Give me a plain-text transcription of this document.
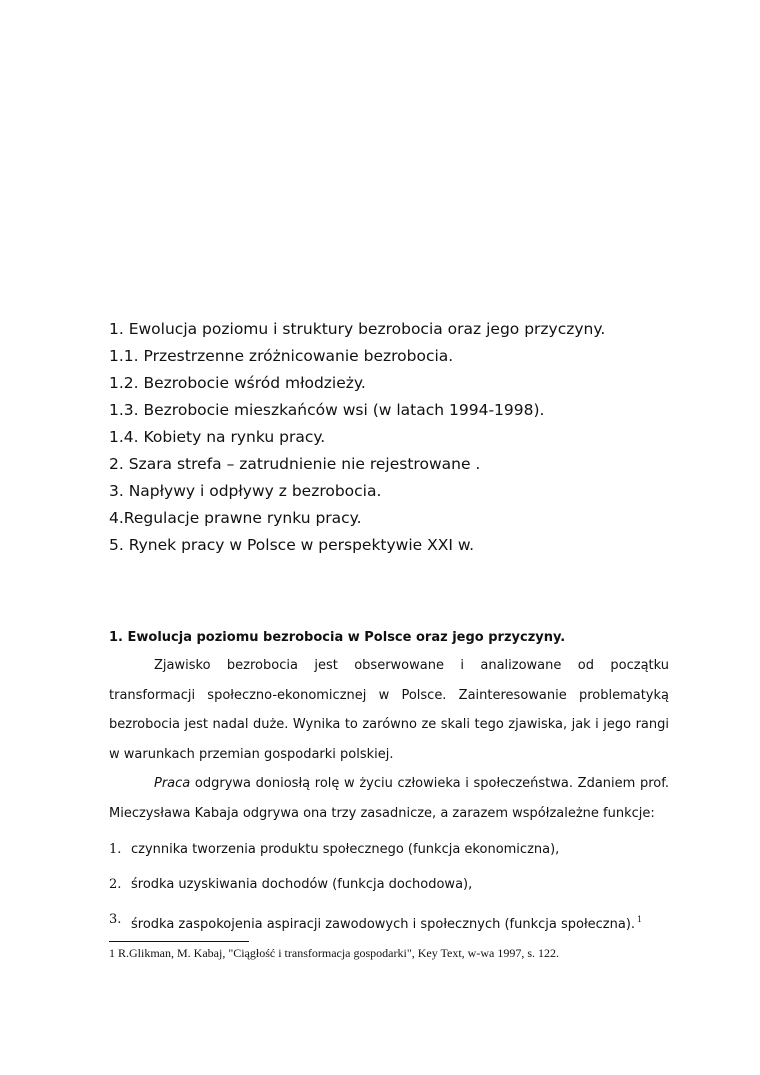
1. Ewolucja poziomu i struktury bezrobocia oraz jego przyczyny.
1.1. Przestrzenne zróżnicowanie bezrobocia.
1.2. Bezrobocie wśród młodzieży.
1.3. Bezrobocie mieszkańców wsi (w latach 1994-1998).
1.4. Kobiety na rynku pracy.
2. Szara strefa – zatrudnienie nie rejestrowane .
3. Napływy i odpływy z bezrobocia.
4.Regulacje prawne rynku pracy.
5. Rynek pracy w Polsce w perspektywie XXI w.
1. Ewolucja poziomu bezrobocia w Polsce oraz jego przyczyny.
Zjawisko bezrobocia jest obserwowane i analizowane od początku transformacji społeczno-ekonomicznej w Polsce. Zainteresowanie problematyką bezrobocia jest nadal duże. Wynika to zarówno ze skali tego zjawiska, jak i jego rangi w warunkach przemian gospodarki polskiej.
Praca odgrywa doniosłą rolę w życiu człowieka i społeczeństwa. Zdaniem prof. Mieczysława Kabaja odgrywa ona trzy zasadnicze, a zarazem współzależne funkcje:
1. czynnika tworzenia produktu społecznego (funkcja ekonomiczna),
2. środka uzyskiwania dochodów (funkcja dochodowa),
3. środka zaspokojenia aspiracji zawodowych i społecznych (funkcja społeczna). $^1$
1 R.Glikman, M. Kabaj, "Ciągłość i transformacja gospodarki", Key Text, w-wa 1997, s. 122.
